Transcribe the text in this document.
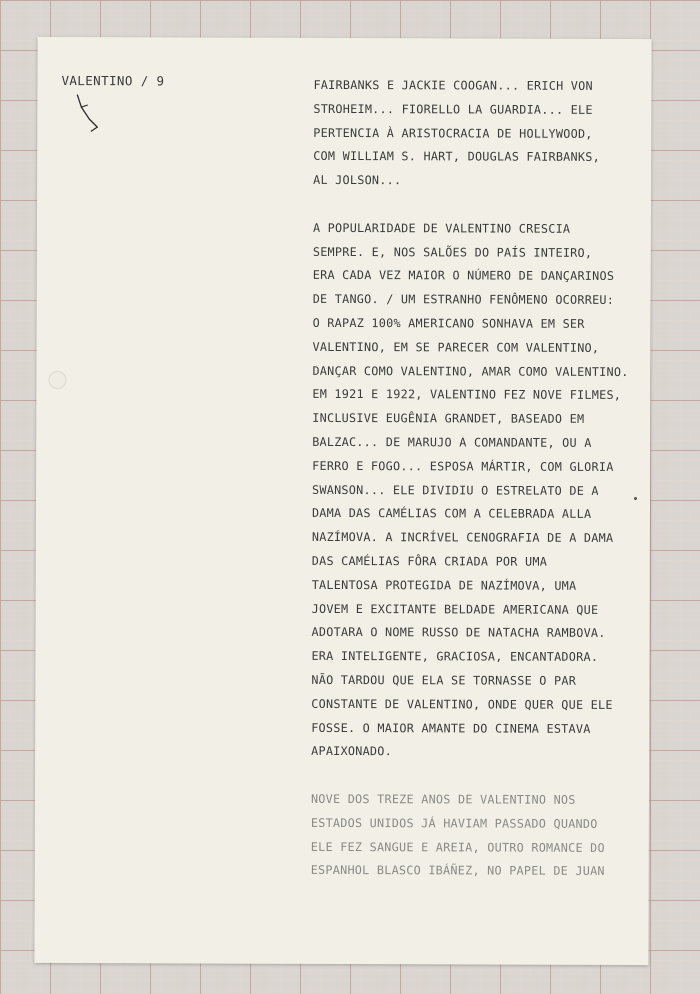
VALENTINO / 9	FAIRBANKS E JACKIE COOGAN... ERICH VON
STROHEIM... FIORELLO LA GUARDIA... ELE
PERTENCIA À ARISTOCRACIA DE HOLLYWOOD,
COM WILLIAM S. HART, DOUGLAS FAIRBANKS,
AL JOLSON...

A POPULARIDADE DE VALENTINO CRESCIA
SEMPRE. E, NOS SALÕES DO PAÍS INTEIRO,
ERA CADA VEZ MAIOR O NÚMERO DE DANÇARINOS
DE TANGO. / UM ESTRANHO FENÔMENO OCORREU:
O RAPAZ 100% AMERICANO SONHAVA EM SER
VALENTINO, EM SE PARECER COM VALENTINO,
DANÇAR COMO VALENTINO, AMAR COMO VALENTINO.
EM 1921 E 1922, VALENTINO FEZ NOVE FILMES,
INCLUSIVE EUGÊNIA GRANDET, BASEADO EM
BALZAC... DE MARUJO A COMANDANTE, OU A
FERRO E FOGO... ESPOSA MÁRTIR, COM GLORIA
SWANSON... ELE DIVIDIU O ESTRELATO DE A
DAMA DAS CAMÉLIAS COM A CELEBRADA ALLA
NAZÍMOVA. A INCRÍVEL CENOGRAFIA DE A DAMA
DAS CAMÉLIAS FÔRA CRIADA POR UMA
TALENTOSA PROTEGIDA DE NAZÍMOVA, UMA
JOVEM E EXCITANTE BELDADE AMERICANA QUE
ADOTARA O NOME RUSSO DE NATACHA RAMBOVA.
ERA INTELIGENTE, GRACIOSA, ENCANTADORA.
NÃO TARDOU QUE ELA SE TORNASSE O PAR
CONSTANTE DE VALENTINO, ONDE QUER QUE ELE
FOSSE. O MAIOR AMANTE DO CINEMA ESTAVA
APAIXONADO.

NOVE DOS TREZE ANOS DE VALENTINO NOS
ESTADOS UNIDOS JÁ HAVIAM PASSADO QUANDO
ELE FEZ SANGUE E AREIA, OUTRO ROMANCE DO
ESPANHOL BLASCO IBÁÑEZ, NO PAPEL DE JUAN
